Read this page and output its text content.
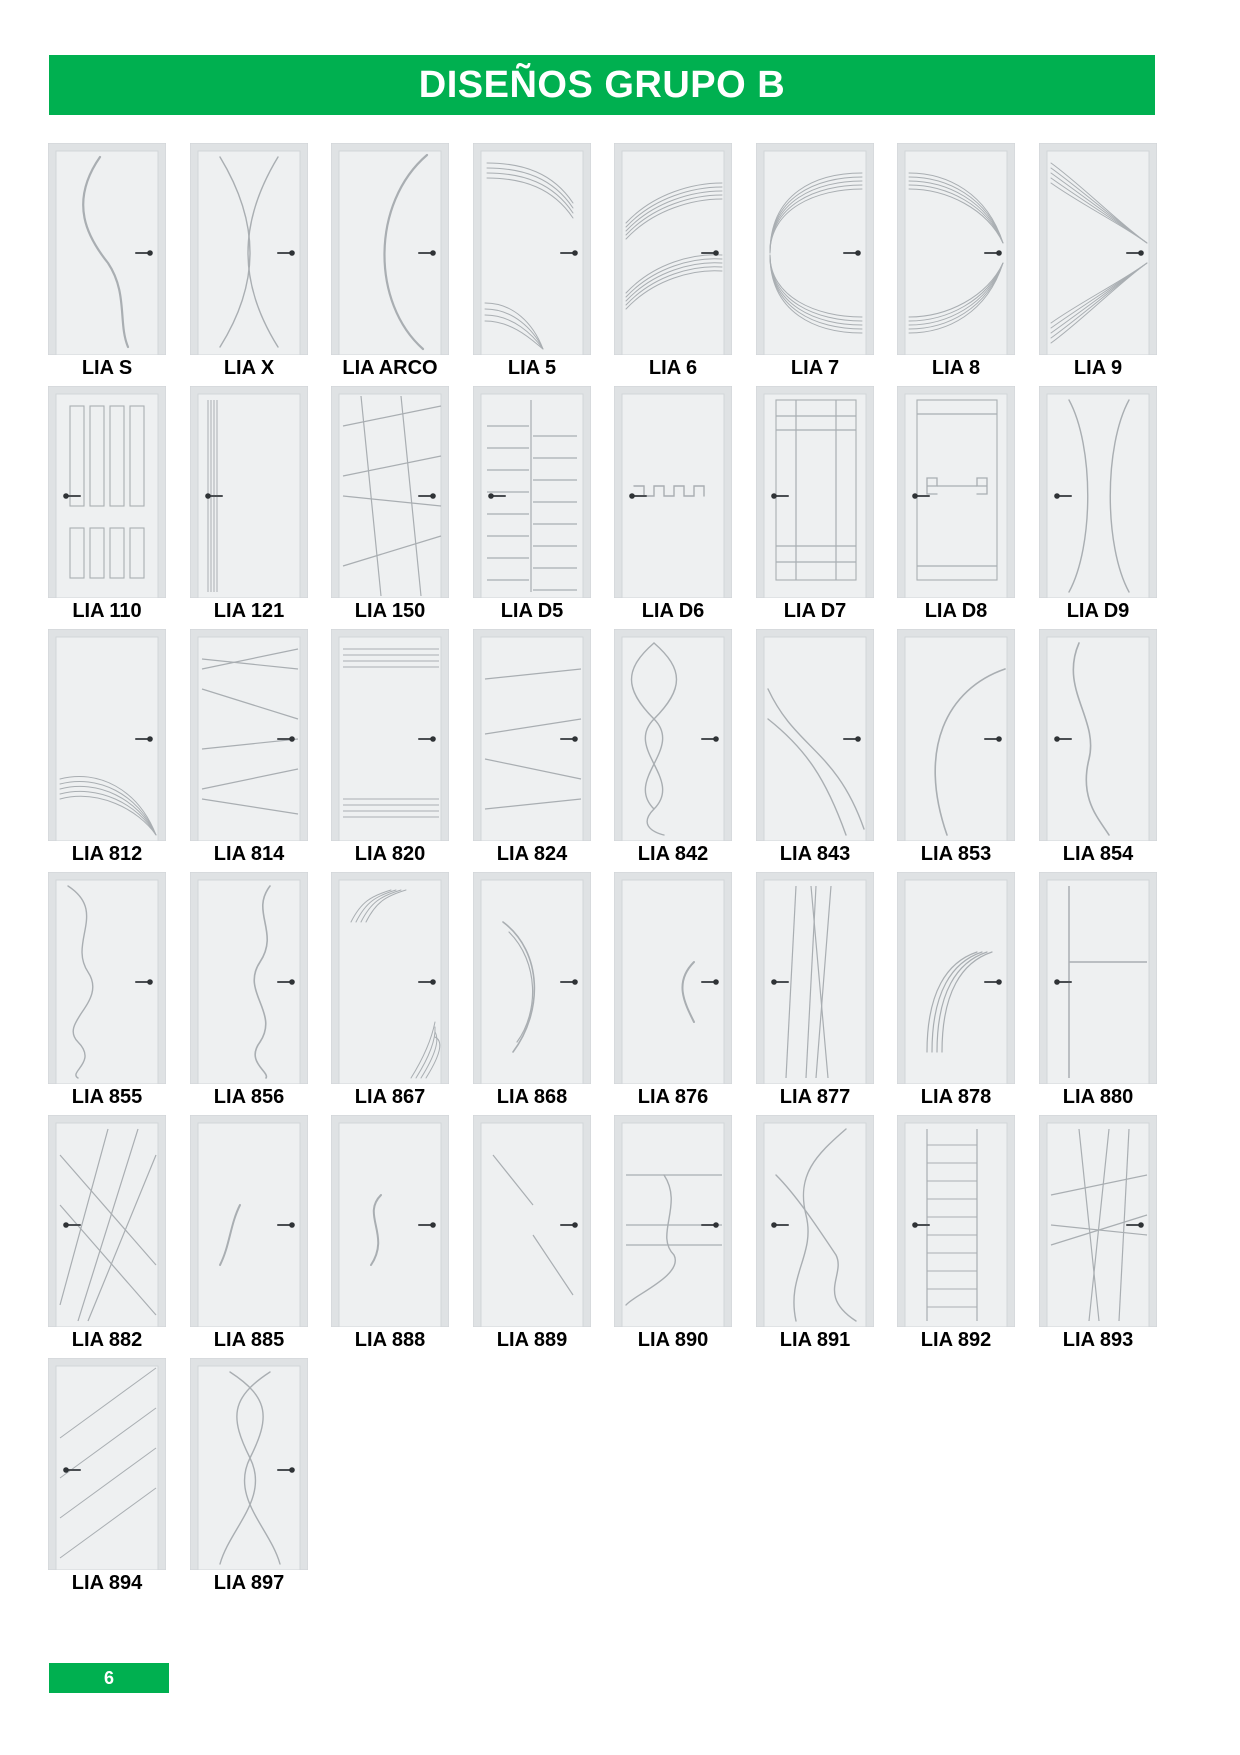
DISEÑOS GRUPO B
LIA S	LIA X	LIA ARCO	LIA 5	LIA 6	LIA 7	LIA 8	LIA 9
LIA 110	LIA 121	LIA 150	LIA D5	LIA D6	LIA D7	LIA D8	LIA D9
LIA 812	LIA 814	LIA 820	LIA 824	LIA 842	LIA 843	LIA 853	LIA 854
LIA 855	LIA 856	LIA 867	LIA 868	LIA 876	LIA 877	LIA 878	LIA 880
LIA 882	LIA 885	LIA 888	LIA 889	LIA 890	LIA 891	LIA 892	LIA 893
LIA 894	LIA 897
6
